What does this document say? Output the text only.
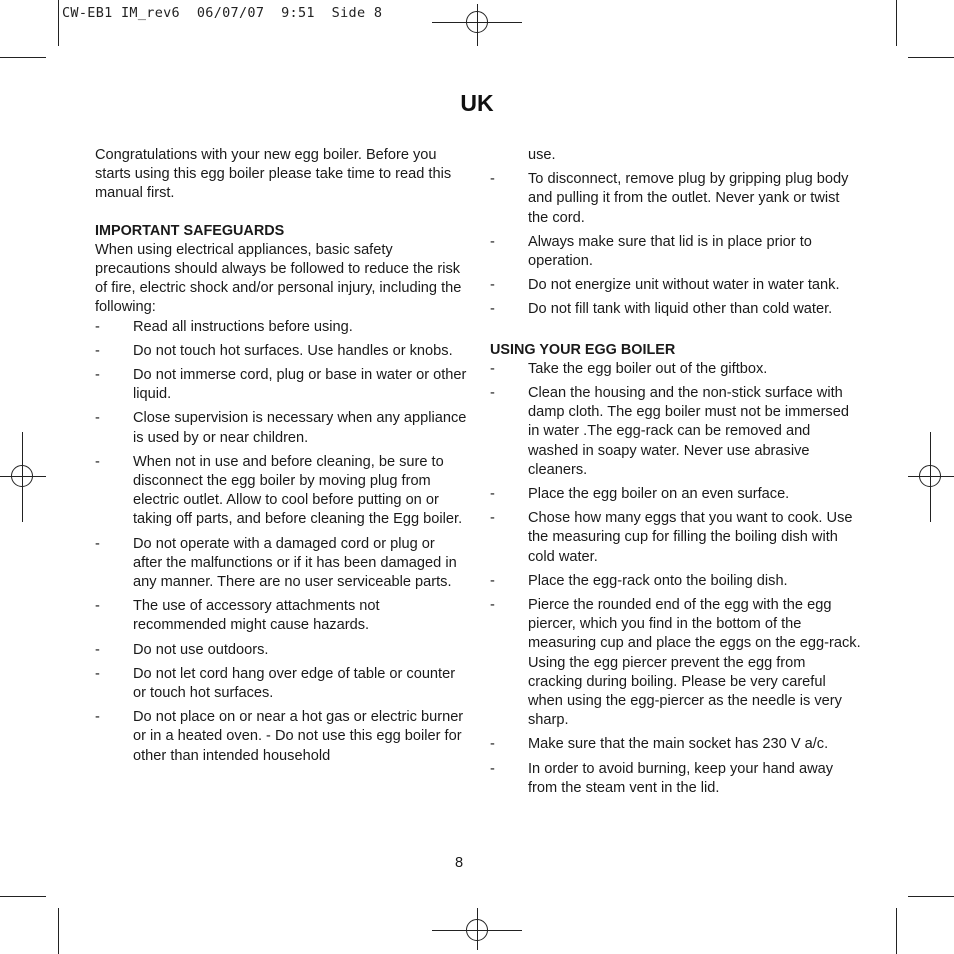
CW-EB1 IM_rev6  06/07/07  9:51  Side 8
UK

Congratulations with your new egg boiler. Before you starts using this egg boiler please take time to read this manual first.

IMPORTANT SAFEGUARDS

When using electrical appliances, basic safety precautions should always be followed to reduce the risk of fire, electric shock and/or personal injury, including the following:

- Read all instructions before using.
- Do not touch hot surfaces. Use handles or knobs.
- Do not immerse cord, plug or base in water or other liquid.
- Close supervision is necessary when any appliance is used by or near children.
- When not in use and before cleaning, be sure to disconnect the egg boiler by moving plug from electric outlet. Allow to cool before putting on or taking off parts, and before cleaning the Egg boiler.
- Do not operate with a damaged cord or plug or after the malfunctions or if it has been damaged in any manner. There are no user serviceable parts.
- The use of accessory attachments not recommended might cause hazards.
- Do not use outdoors.
- Do not let cord hang over edge of table or counter or touch hot surfaces.
- Do not place on or near a hot gas or electric burner or in a heated oven. - Do not use this egg boiler for other than intended household

use.

- To disconnect, remove plug by gripping plug body and pulling it from the outlet. Never yank or twist the cord.
- Always make sure that lid is in place prior to operation.
- Do not energize unit without water in water tank.
- Do not fill tank with liquid other than cold water.

USING YOUR EGG BOILER

- Take the egg boiler out of the giftbox.
- Clean the housing and the non-stick surface with damp cloth. The egg boiler must not be immersed in water .The egg-rack can be removed and washed in soapy water. Never use abrasive cleaners.
- Place the egg boiler on an even surface.
- Chose how many eggs that you want to cook. Use the measuring cup for filling the boiling dish with cold water.
- Place the egg-rack onto the boiling dish.
- Pierce the rounded end of the egg with the egg piercer, which you find in the bottom of the measuring cup and place the eggs on the egg-rack. Using the egg piercer prevent the egg from cracking during boiling. Please be very careful when using the egg-piercer as the needle is very sharp.
- Make sure that the main socket has 230 V a/c.
- In order to avoid burning, keep your hand away from the steam vent in the lid.
8
